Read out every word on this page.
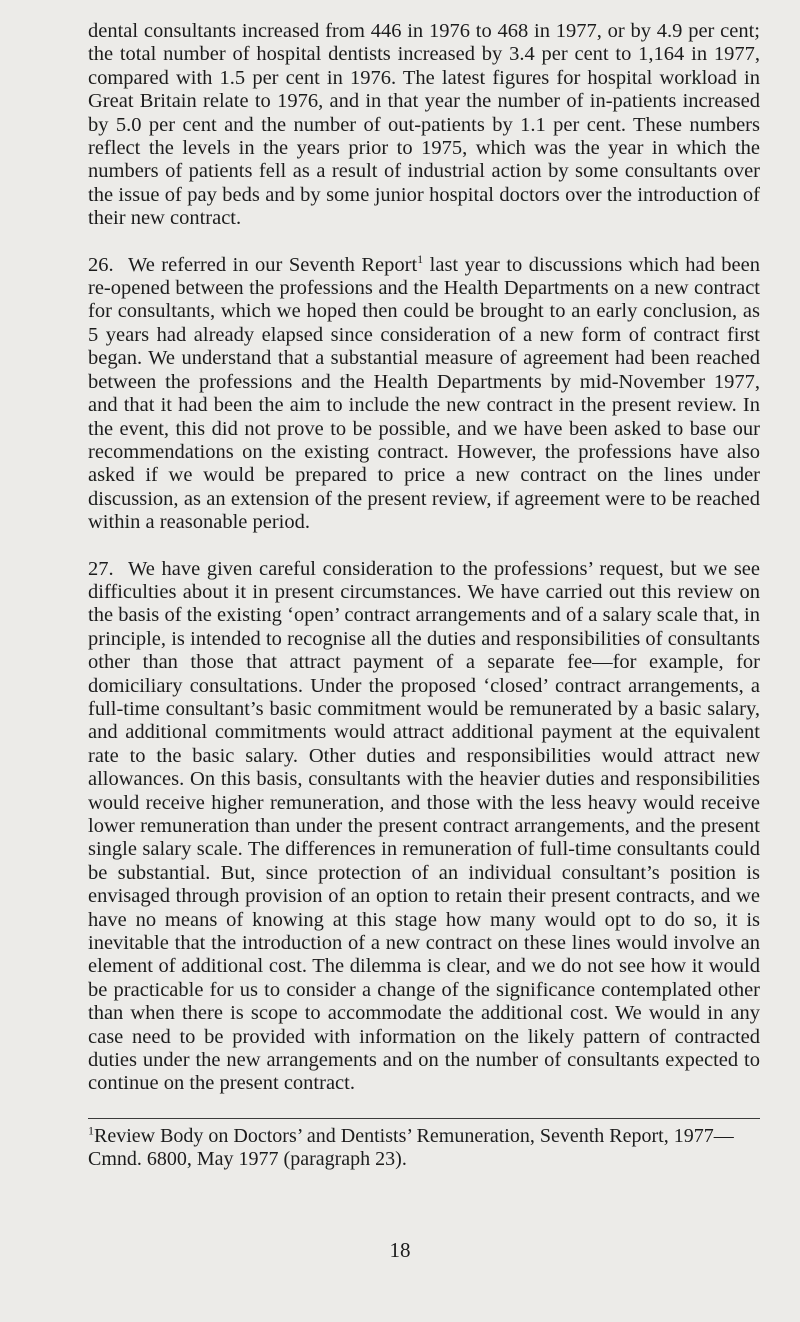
dental consultants increased from 446 in 1976 to 468 in 1977, or by 4.9 per cent; the total number of hospital dentists increased by 3.4 per cent to 1,164 in 1977, compared with 1.5 per cent in 1976. The latest figures for hospital workload in Great Britain relate to 1976, and in that year the number of in-patients increased by 5.0 per cent and the number of out-patients by 1.1 per cent. These numbers reflect the levels in the years prior to 1975, which was the year in which the numbers of patients fell as a result of industrial action by some consultants over the issue of pay beds and by some junior hospital doctors over the introduction of their new contract.

26. We referred in our Seventh Report$^1$ last year to discussions which had been re-opened between the professions and the Health Departments on a new contract for consultants, which we hoped then could be brought to an early conclusion, as 5 years had already elapsed since consideration of a new form of contract first began. We understand that a substantial measure of agreement had been reached between the professions and the Health Departments by mid-November 1977, and that it had been the aim to include the new contract in the present review. In the event, this did not prove to be possible, and we have been asked to base our recommendations on the existing contract. However, the professions have also asked if we would be prepared to price a new contract on the lines under discussion, as an extension of the present review, if agreement were to be reached within a reasonable period.

27. We have given careful consideration to the professions’ request, but we see difficulties about it in present circumstances. We have carried out this review on the basis of the existing ‘open’ contract arrangements and of a salary scale that, in principle, is intended to recognise all the duties and responsibilities of consultants other than those that attract payment of a separate fee—for example, for domiciliary consultations. Under the proposed ‘closed’ contract arrangements, a full-time consultant’s basic commitment would be remunerated by a basic salary, and additional commitments would attract additional payment at the equivalent rate to the basic salary. Other duties and responsibilities would attract new allowances. On this basis, consultants with the heavier duties and responsibilities would receive higher remuneration, and those with the less heavy would receive lower remuneration than under the present contract arrangements, and the present single salary scale. The differences in remuneration of full-time consultants could be substantial. But, since protection of an individual consultant’s position is envisaged through provision of an option to retain their present contracts, and we have no means of knowing at this stage how many would opt to do so, it is inevitable that the introduction of a new contract on these lines would involve an element of additional cost. The dilemma is clear, and we do not see how it would be practicable for us to consider a change of the significance contemplated other than when there is scope to accommodate the additional cost. We would in any case need to be provided with information on the likely pattern of contracted duties under the new arrangements and on the number of consultants expected to continue on the present contract.

$^1$Review Body on Doctors’ and Dentists’ Remuneration, Seventh Report, 1977—Cmnd. 6800, May 1977 (paragraph 23).

18
